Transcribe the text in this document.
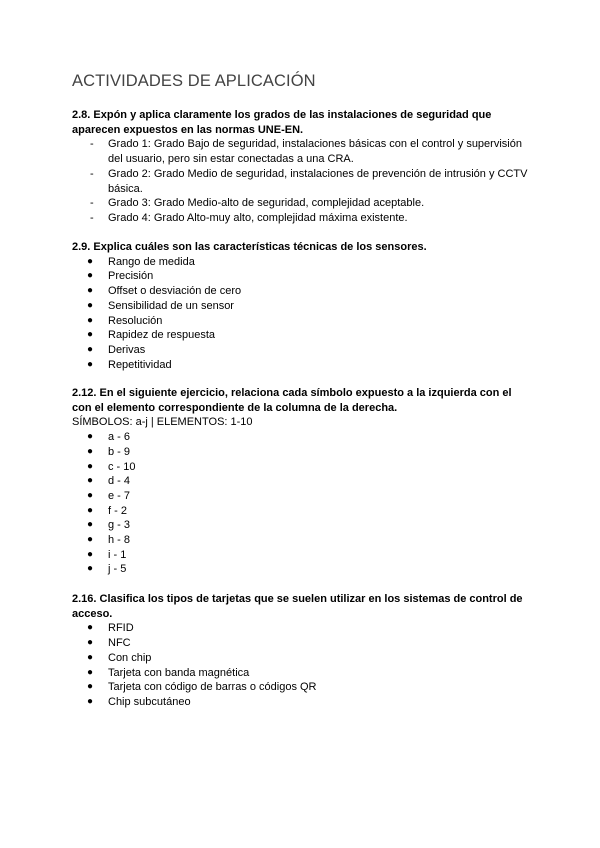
ACTIVIDADES DE APLICACIÓN

2.8. Expón y aplica claramente los grados de las instalaciones de seguridad que aparecen expuestos en las normas UNE-EN.

- Grado 1: Grado Bajo de seguridad, instalaciones básicas con el control y supervisión del usuario, pero sin estar conectadas a una CRA.
- Grado 2: Grado Medio de seguridad, instalaciones de prevención de intrusión y CCTV básica.
- Grado 3: Grado Medio-alto de seguridad, complejidad aceptable.
- Grado 4: Grado Alto-muy alto, complejidad máxima existente.

2.9. Explica cuáles son las características técnicas de los sensores.

● Rango de medida
● Precisión
● Offset o desviación de cero
● Sensibilidad de un sensor
● Resolución
● Rapidez de respuesta
● Derivas
● Repetitividad

2.12. En el siguiente ejercicio, relaciona cada símbolo expuesto a la izquierda con el con el elemento correspondiente de la columna de la derecha.

SÍMBOLOS: a-j | ELEMENTOS: 1-10

● a - 6
● b - 9
● c - 10
● d - 4
● e - 7
● f - 2
● g - 3
● h - 8
● i - 1
● j - 5

2.16. Clasifica los tipos de tarjetas que se suelen utilizar en los sistemas de control de acceso.

● RFID
● NFC
● Con chip
● Tarjeta con banda magnética
● Tarjeta con código de barras o códigos QR
● Chip subcutáneo
